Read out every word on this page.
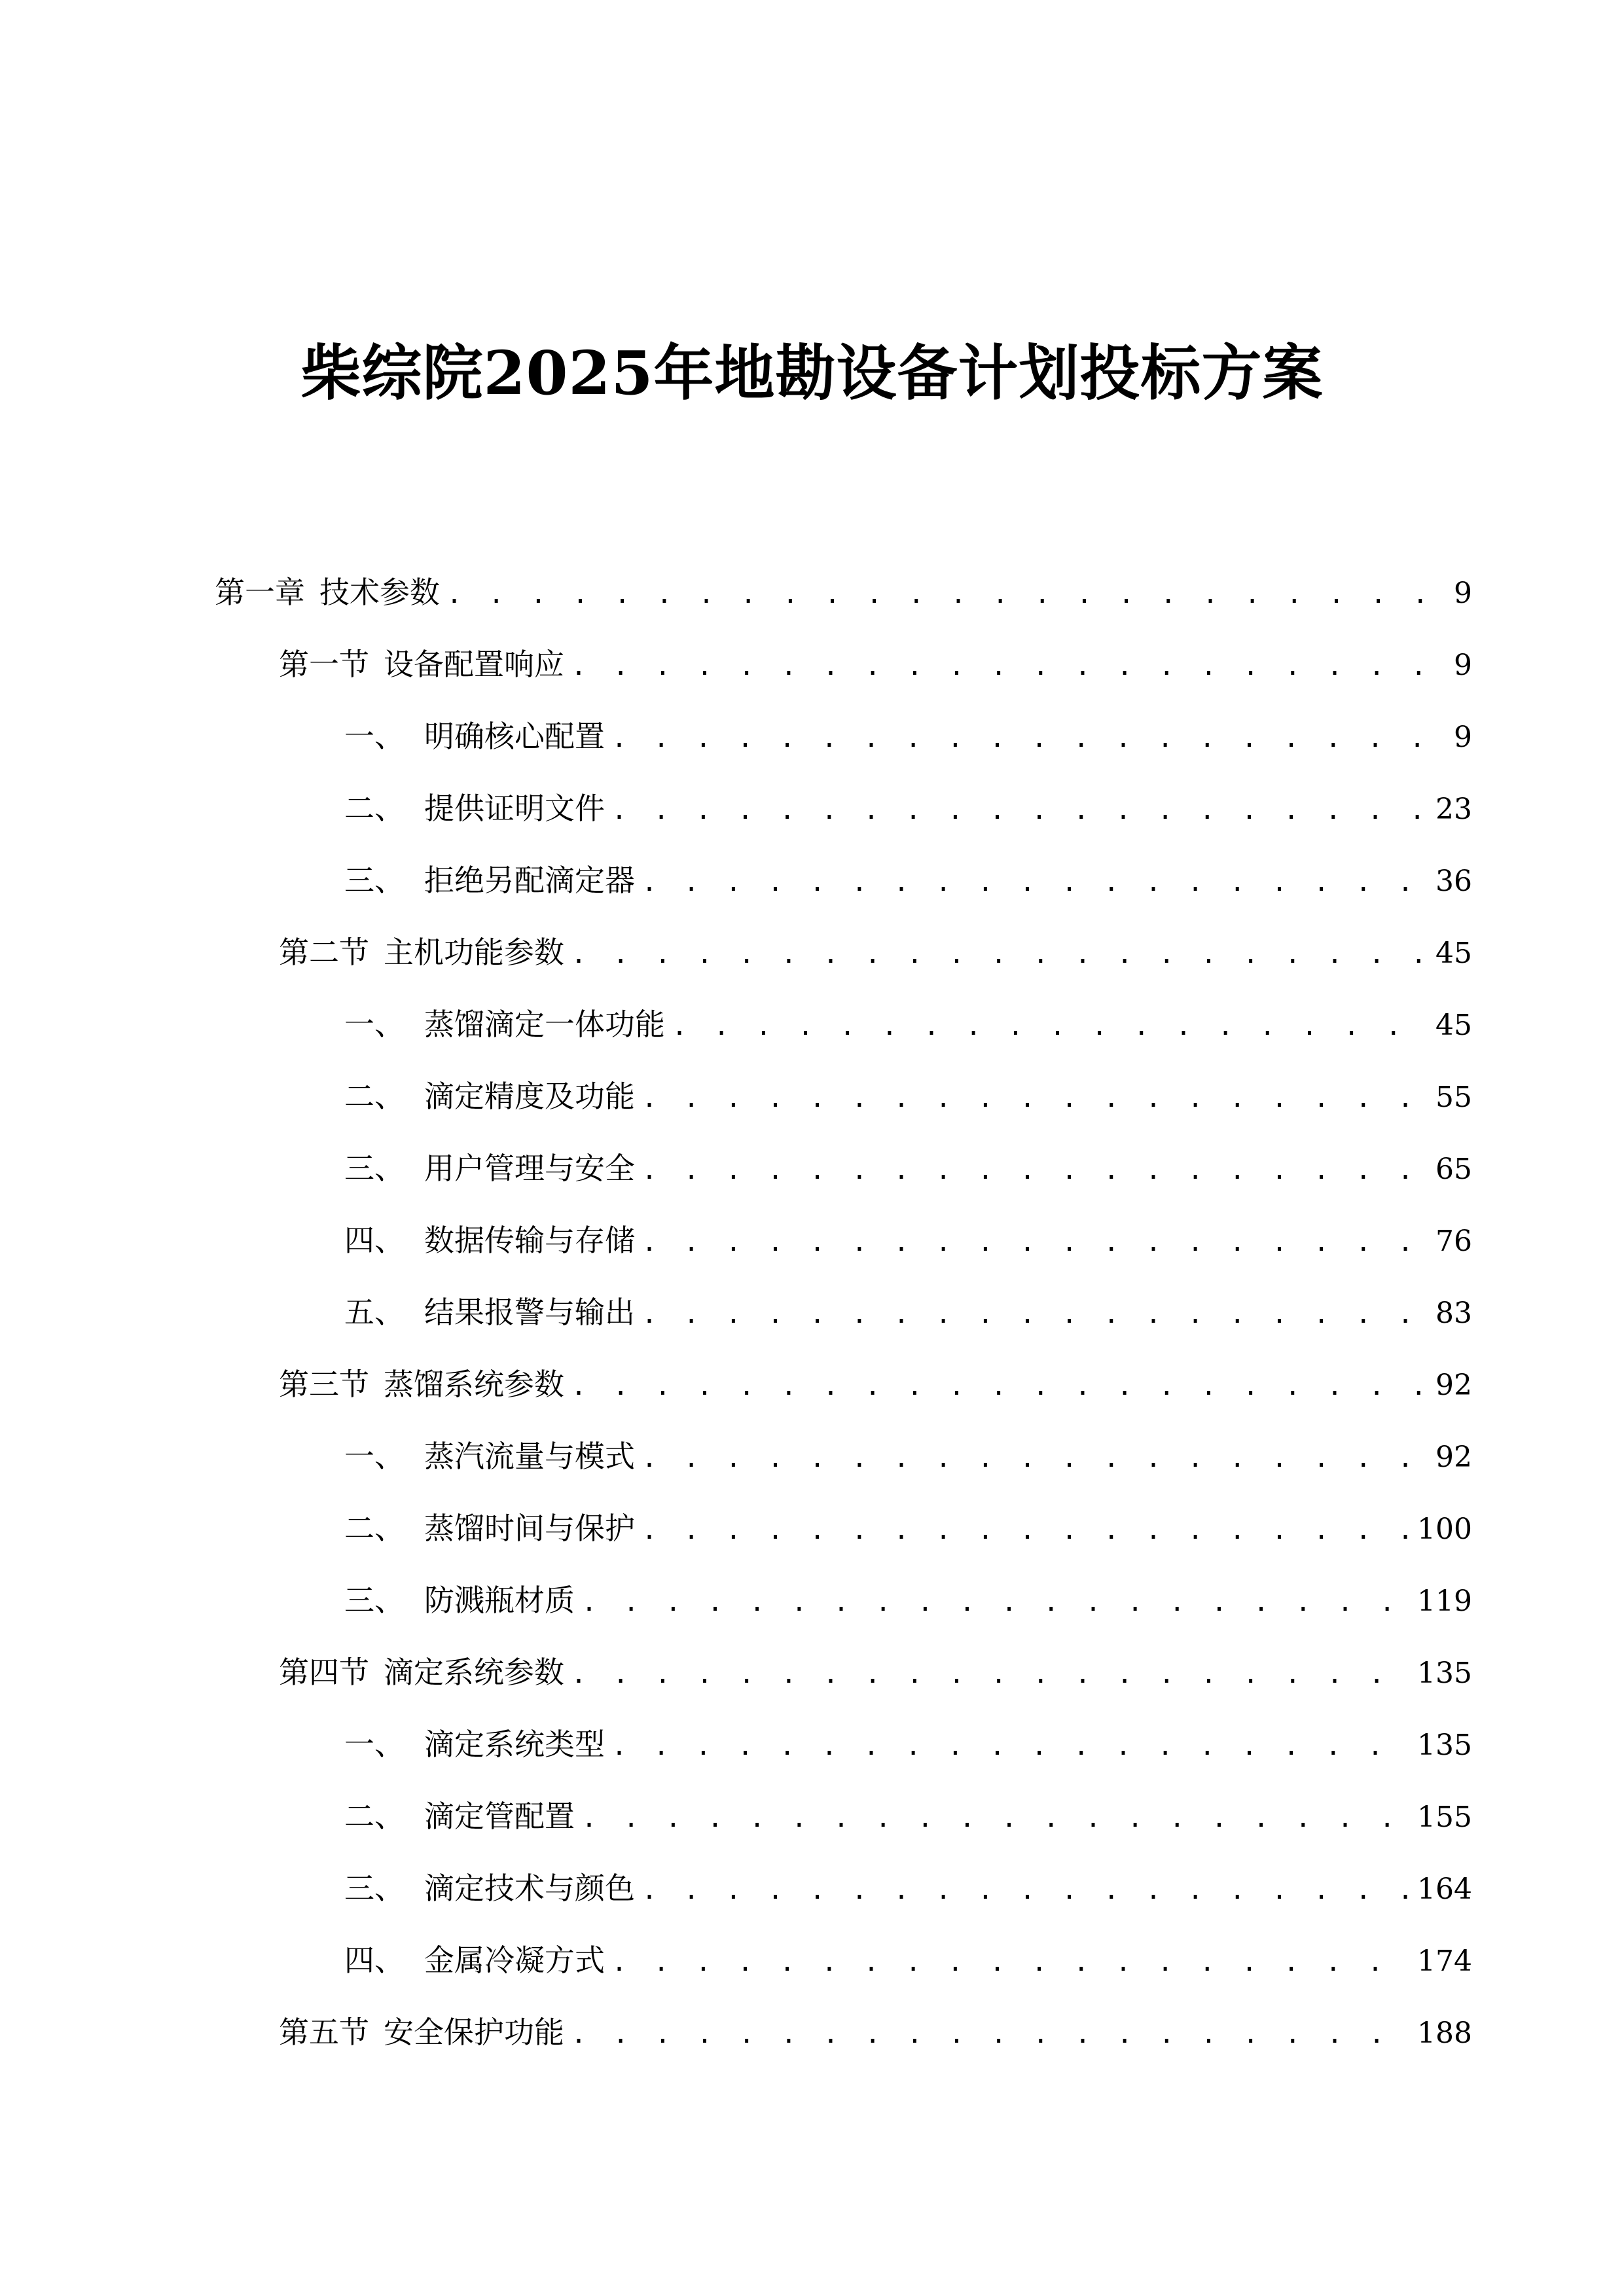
柴综院2025年地勘设备计划投标方案
第一章 技术参数 . . .	9
第一节 设备配置响应 . . .	9
一、 明确核心配置 . . .	9
二、 提供证明文件 . . .	23
三、 拒绝另配滴定器 . . .	36
第二节 主机功能参数 . . .	45
一、 蒸馏滴定一体功能 . . .	45
二、 滴定精度及功能 . . .	55
三、 用户管理与安全 . . .	65
四、 数据传输与存储 . . .	76
五、 结果报警与输出 . . .	83
第三节 蒸馏系统参数 . . .	92
一、 蒸汽流量与模式 . . .	92
二、 蒸馏时间与保护 . . .	100
三、 防溅瓶材质 . . .	119
第四节 滴定系统参数 . . .	135
一、 滴定系统类型 . . .	135
二、 滴定管配置 . . .	155
三、 滴定技术与颜色 . . .	164
四、 金属冷凝方式 . . .	174
第五节 安全保护功能 . . .	188
